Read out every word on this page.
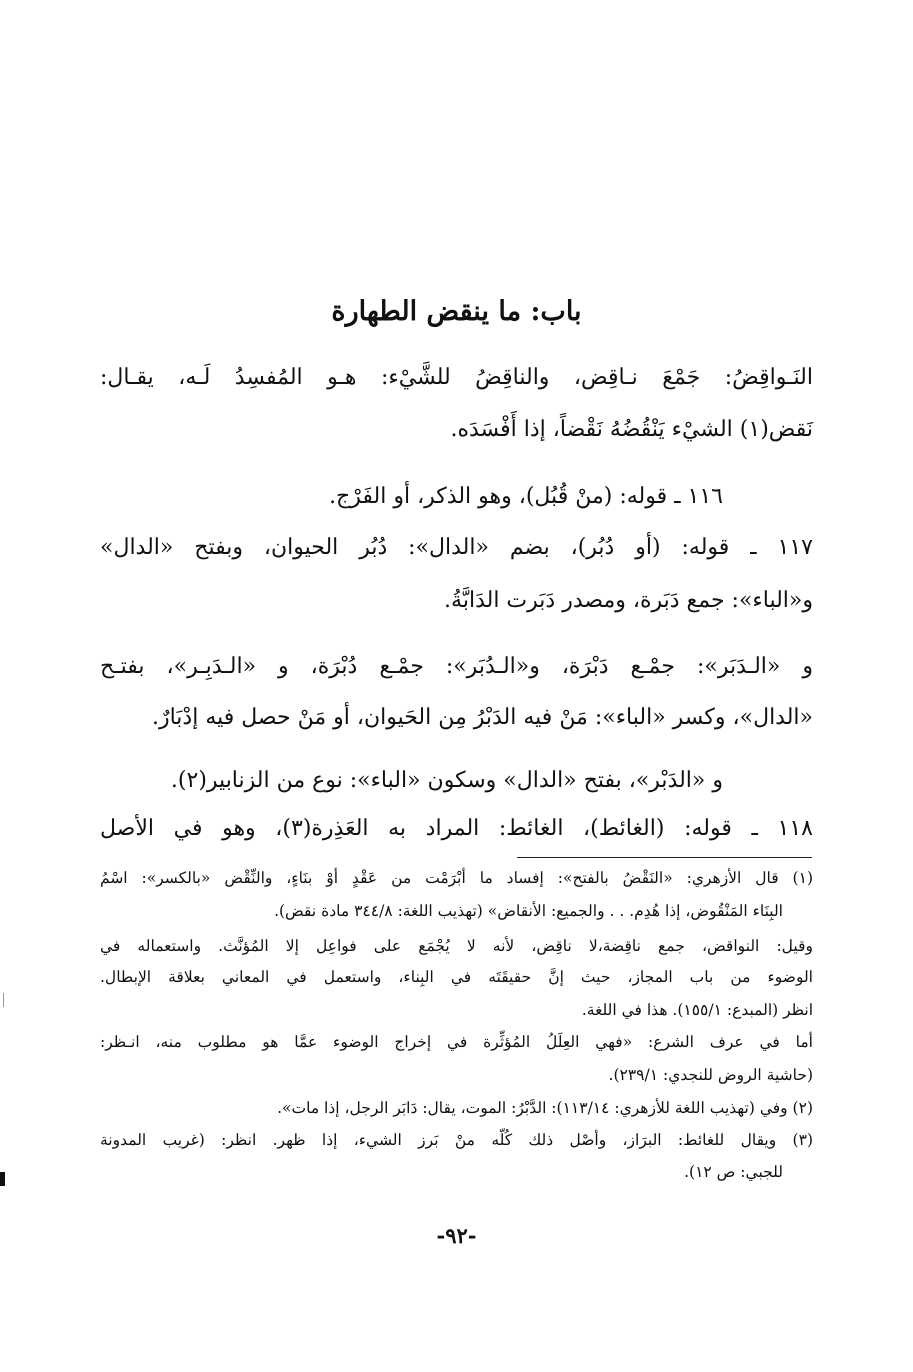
باب: ما ينقض الطهارة
النَـواقِضُ: جَمْعَ نـاقِض، والناقِضُ للشَّيْء: هـو المُفسِدُ لَـه، يقـال:
نَقض(١) الشيْء يَنْقُضُهُ نَقْضاً، إذا أَفْسَدَه.
١١٦ ـ قوله: (منْ قُبُل)، وهو الذكر، أو الفَرْج.
١١٧ ـ قوله: (أو دُبُر)، بضم «الدال»: دُبُر الحيوان، وبفتح «الدال»
و«الباء»: جمع دَبَرة، ومصدر دَبَرت الدَابَّةُ.
و «الـدَبَر»: جمْـع دَبْرَة، و«الـدُبَر»: جمْـع دُبْرَة، و «الـدَبِـر»، بفتـح
«الدال»، وكسر «الباء»: مَنْ فيه الدَبْرُ مِن الحَيوان، أو مَنْ حصل فيه إدْبَارٌ.
و «الدَبْر»، بفتح «الدال» وسكون «الباء»: نوع من الزنابير(٢).
١١٨ ـ قوله: (الغائط)، الغائط: المراد به العَذِرة(٣)، وهو في الأصل
(١) قال الأزهري: «النَقْضُ بالفتح»: إفساد ما أبْرَمْت من عَقْدٍ أوْ بنَاءٍ، والنِّقْض «بالكسر»: اسْمُ
البِنَاء المَنْقُوض، إذا هُدِم. . . والجميع: الأنقاض» (تهذيب اللغة: ٣٤٤/٨ مادة نقض).
وقيل: النواقض، جمع ناقِضة،لا ناقِض، لأنه لا يُجْمَع على فواعِل إلا المُؤنَّث. واستعماله في
الوضوء من باب المجاز، حيث إنَّ حقيقَتَه في البِناء، واستعمل في المعاني بعلاقة الإبطال.
انظر (المبدع: ١٥٥/١). هذا في اللغة.
أما في عرف الشرع: «فهي العِلَلُ المُؤثِّرة في إخراج الوضوء عمَّا هو مطلوب منه، انـظر:
(حاشية الروض للنجدي: ٢٣٩/١).
(٢) وفي (تهذيب اللغة للأزهري: ١١٣/١٤): الدَّبْرُ: الموت، يقال: دَابَر الرجل، إذا مات».
(٣) ويقال للغائط: البرَاز، وأصْل ذلك كُلّه منْ بَرز الشيء، إذا ظهر. انظر: (غريب المدونة
للجبي: ص ١٢).
-٩٢-
